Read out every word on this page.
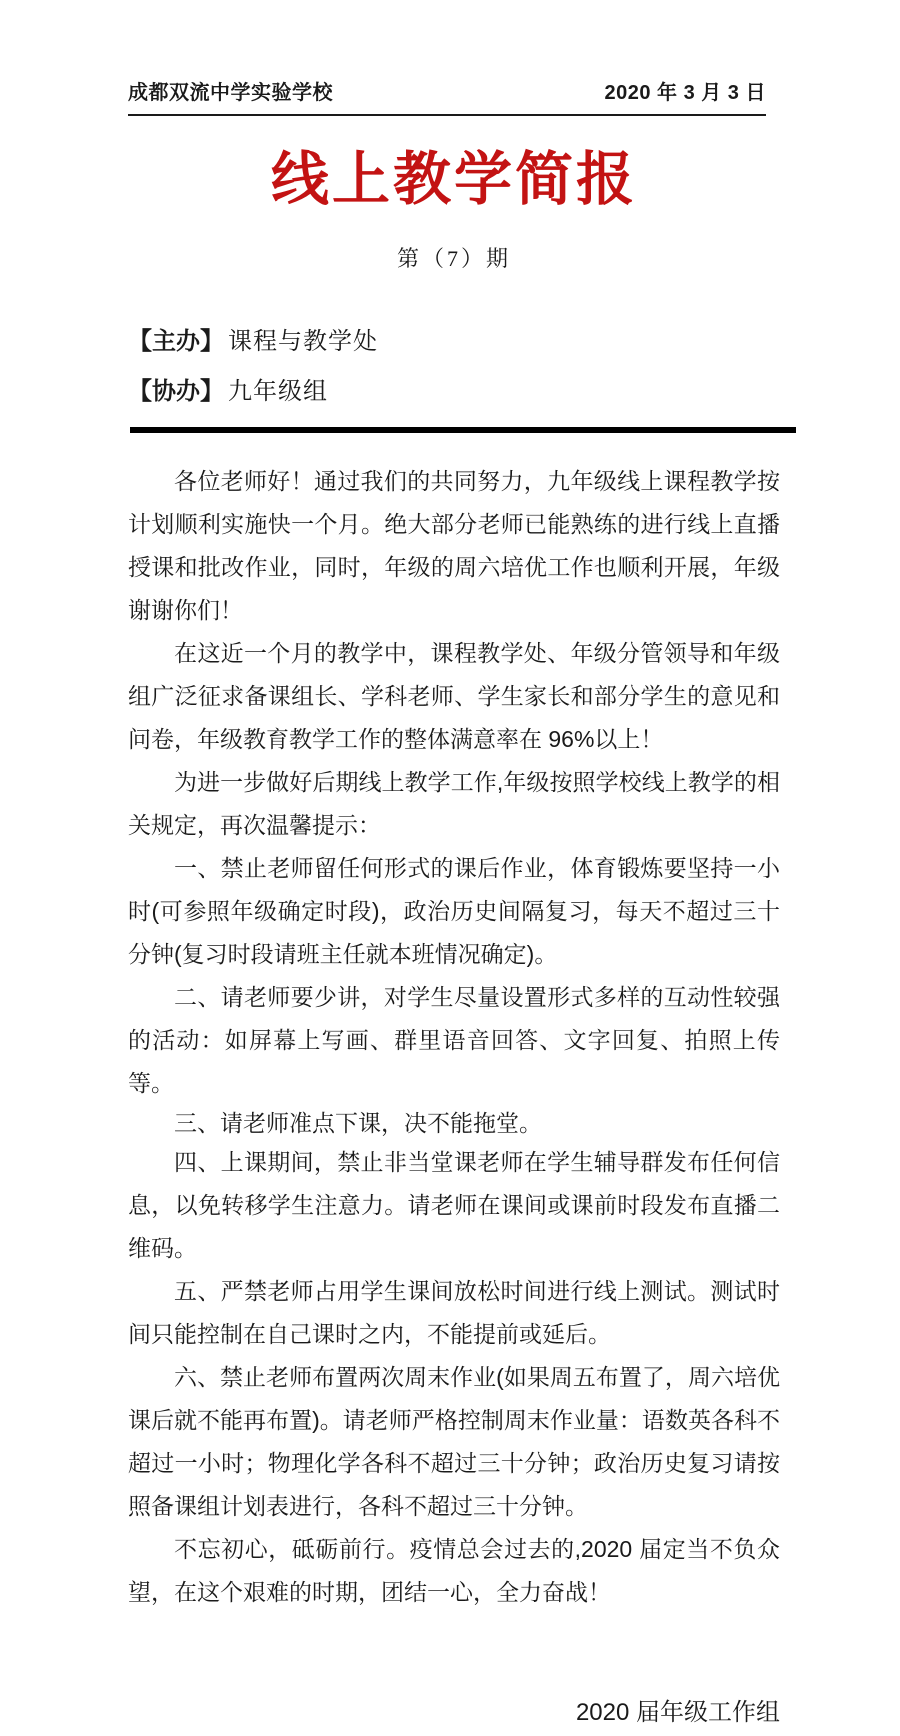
成都双流中学实验学校	2020 年 3 月 3 日
线上教学简报
第（7）期
【主办】 课程与教学处
【协办】 九年级组

各位老师好！通过我们的共同努力，九年级线上课程教学按计划顺利实施快一个月。绝大部分老师已能熟练的进行线上直播授课和批改作业，同时，年级的周六培优工作也顺利开展，年级谢谢你们！

在这近一个月的教学中，课程教学处、年级分管领导和年级组广泛征求备课组长、学科老师、学生家长和部分学生的意见和问卷，年级教育教学工作的整体满意率在 96%以上！

为进一步做好后期线上教学工作,年级按照学校线上教学的相关规定，再次温馨提示：

一、禁止老师留任何形式的课后作业，体育锻炼要坚持一小时(可参照年级确定时段)，政治历史间隔复习，每天不超过三十分钟(复习时段请班主任就本班情况确定)。

二、请老师要少讲，对学生尽量设置形式多样的互动性较强的活动：如屏幕上写画、群里语音回答、文字回复、拍照上传等。

三、请老师准点下课，决不能拖堂。

四、上课期间，禁止非当堂课老师在学生辅导群发布任何信息，以免转移学生注意力。请老师在课间或课前时段发布直播二维码。

五、严禁老师占用学生课间放松时间进行线上测试。测试时间只能控制在自己课时之内，不能提前或延后。

六、禁止老师布置两次周末作业(如果周五布置了，周六培优课后就不能再布置)。请老师严格控制周末作业量：语数英各科不超过一小时；物理化学各科不超过三十分钟；政治历史复习请按照备课组计划表进行，各科不超过三十分钟。

不忘初心，砥砺前行。疫情总会过去的,2020 届定当不负众望，在这个艰难的时期，团结一心，全力奋战！

2020 届年级工作组
